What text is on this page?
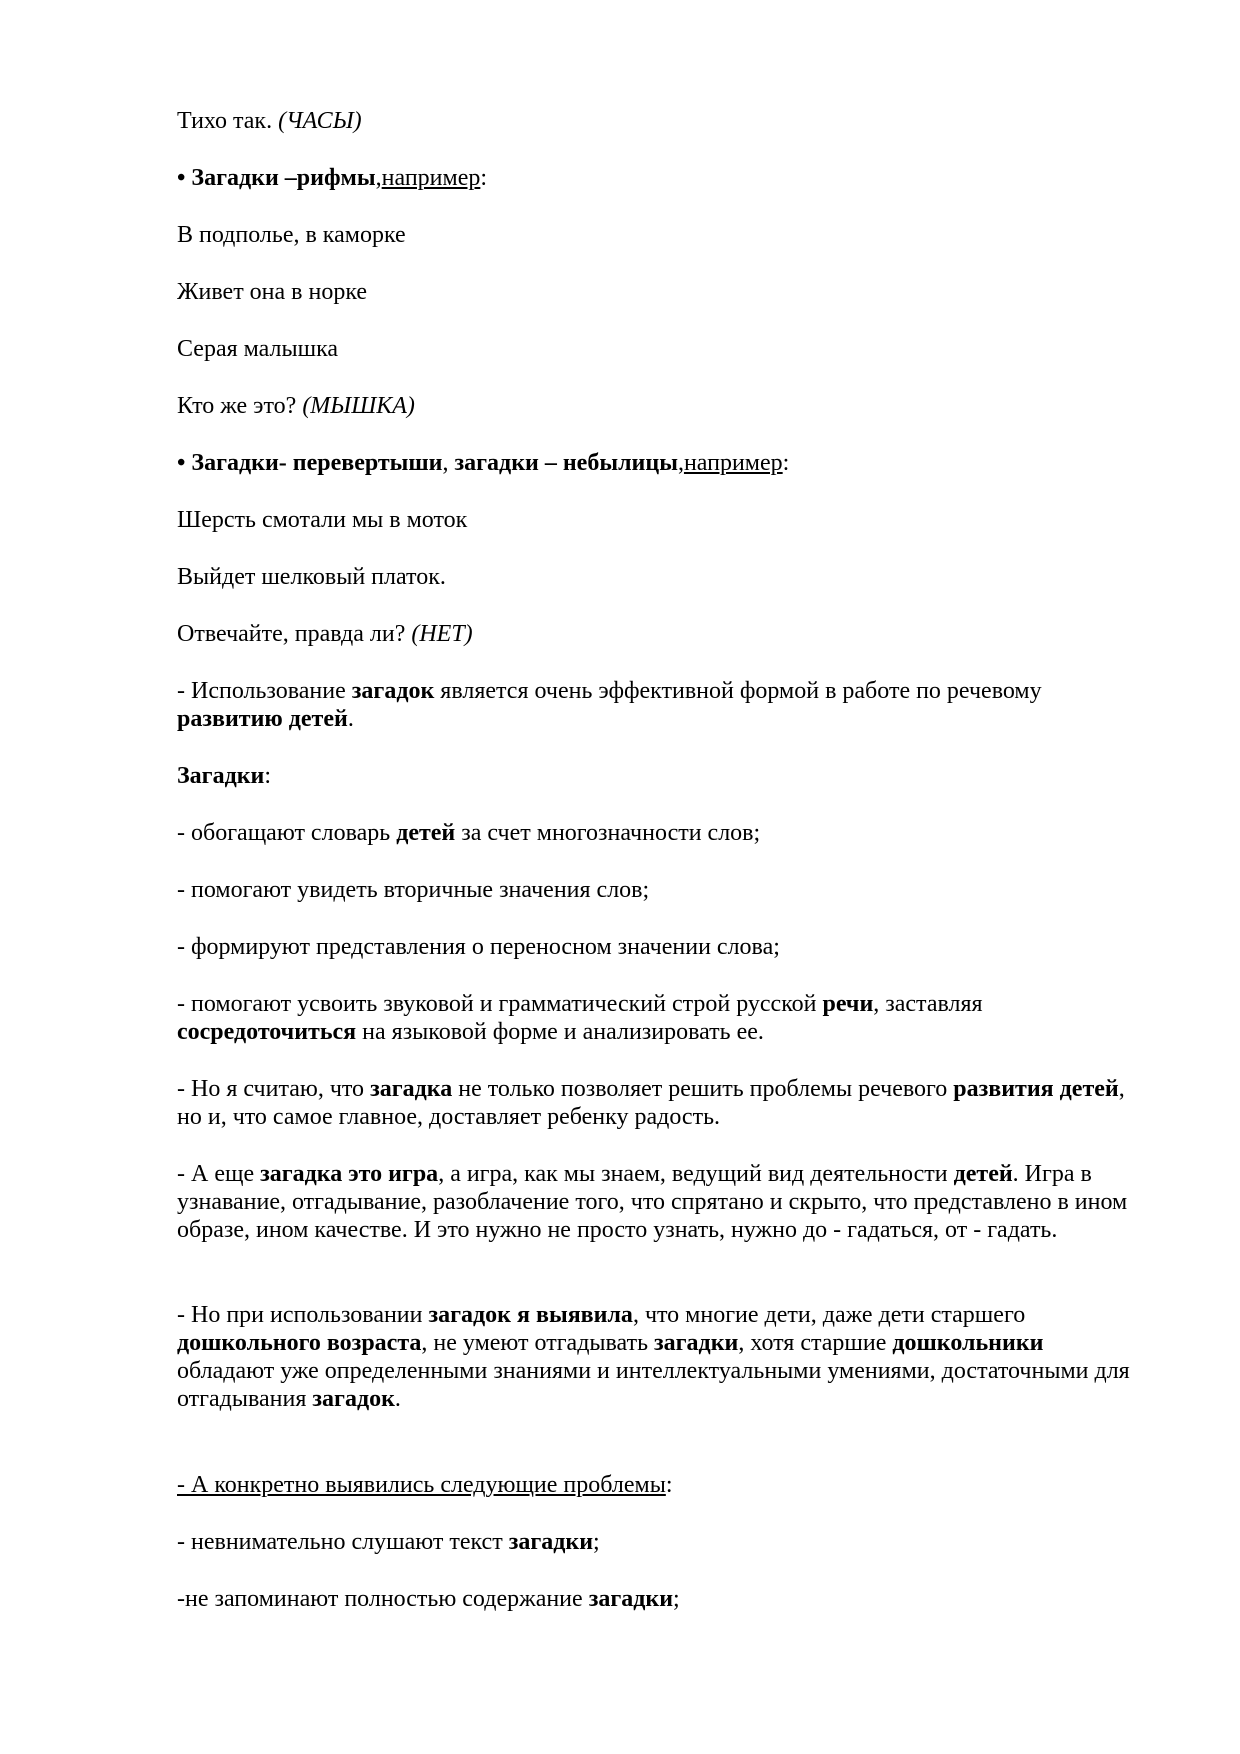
Тихо так. (ЧАСЫ)

• Загадки –рифмы,например:

В подполье, в каморке

Живет она в норке

Серая малышка

Кто же это? (МЫШКА)

• Загадки- перевертыши, загадки – небылицы,например:

Шерсть смотали мы в моток

Выйдет шелковый платок.

Отвечайте, правда ли? (НЕТ)

- Использование загадок является очень эффективной формой в работе по речевому развитию детей.

Загадки:

- обогащают словарь детей за счет многозначности слов;

- помогают увидеть вторичные значения слов;

- формируют представления о переносном значении слова;

- помогают усвоить звуковой и грамматический строй русской речи, заставляя сосредоточиться на языковой форме и анализировать ее.

- Но я считаю, что загадка не только позволяет решить проблемы речевого развития детей, но и, что самое главное, доставляет ребенку радость.

- А еще загадка это игра, а игра, как мы знаем, ведущий вид деятельности детей. Игра в узнавание, отгадывание, разоблачение того, что спрятано и скрыто, что представлено в ином образе, ином качестве. И это нужно не просто узнать, нужно до - гадаться, от - гадать.

- Но при использовании загадок я выявила, что многие дети, даже дети старшего дошкольного возраста, не умеют отгадывать загадки, хотя старшие дошкольники обладают уже определенными знаниями и интеллектуальными умениями, достаточными для отгадывания загадок.

- А конкретно выявились следующие проблемы:

- невнимательно слушают текст загадки;

-не запоминают полностью содержание загадки;
